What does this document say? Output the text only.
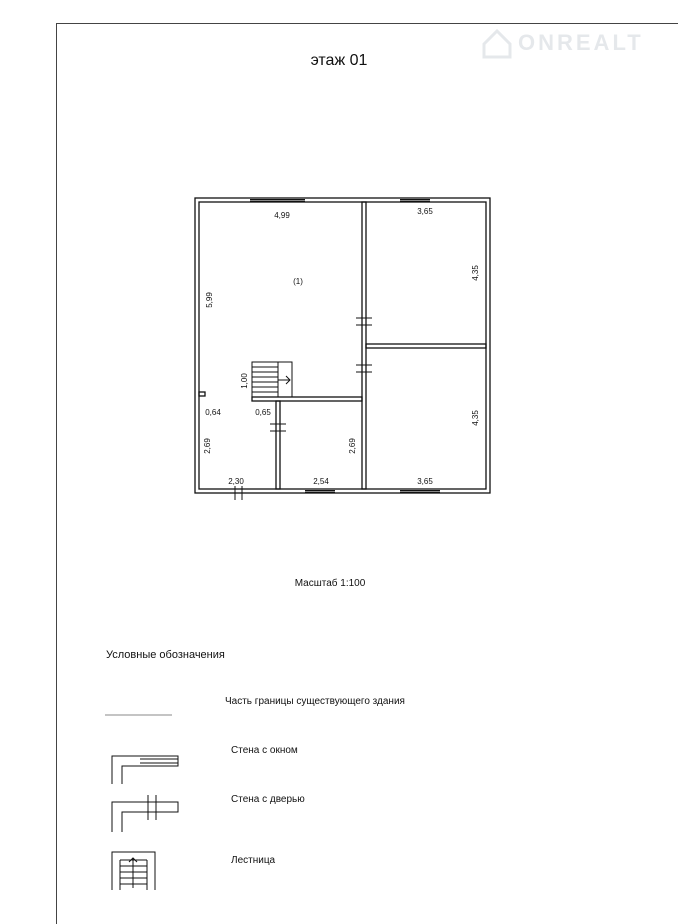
ONREALT
этаж 01
4,99	3,65
4,35
4,35
5,99
1,00
0,64	0,65
2,69	2,69
2,30	2,54	3,65
(1)
Масштаб 1:100
Условные обозначения
Часть границы существующего здания
Стена с окном
Стена с дверью
Лестница
